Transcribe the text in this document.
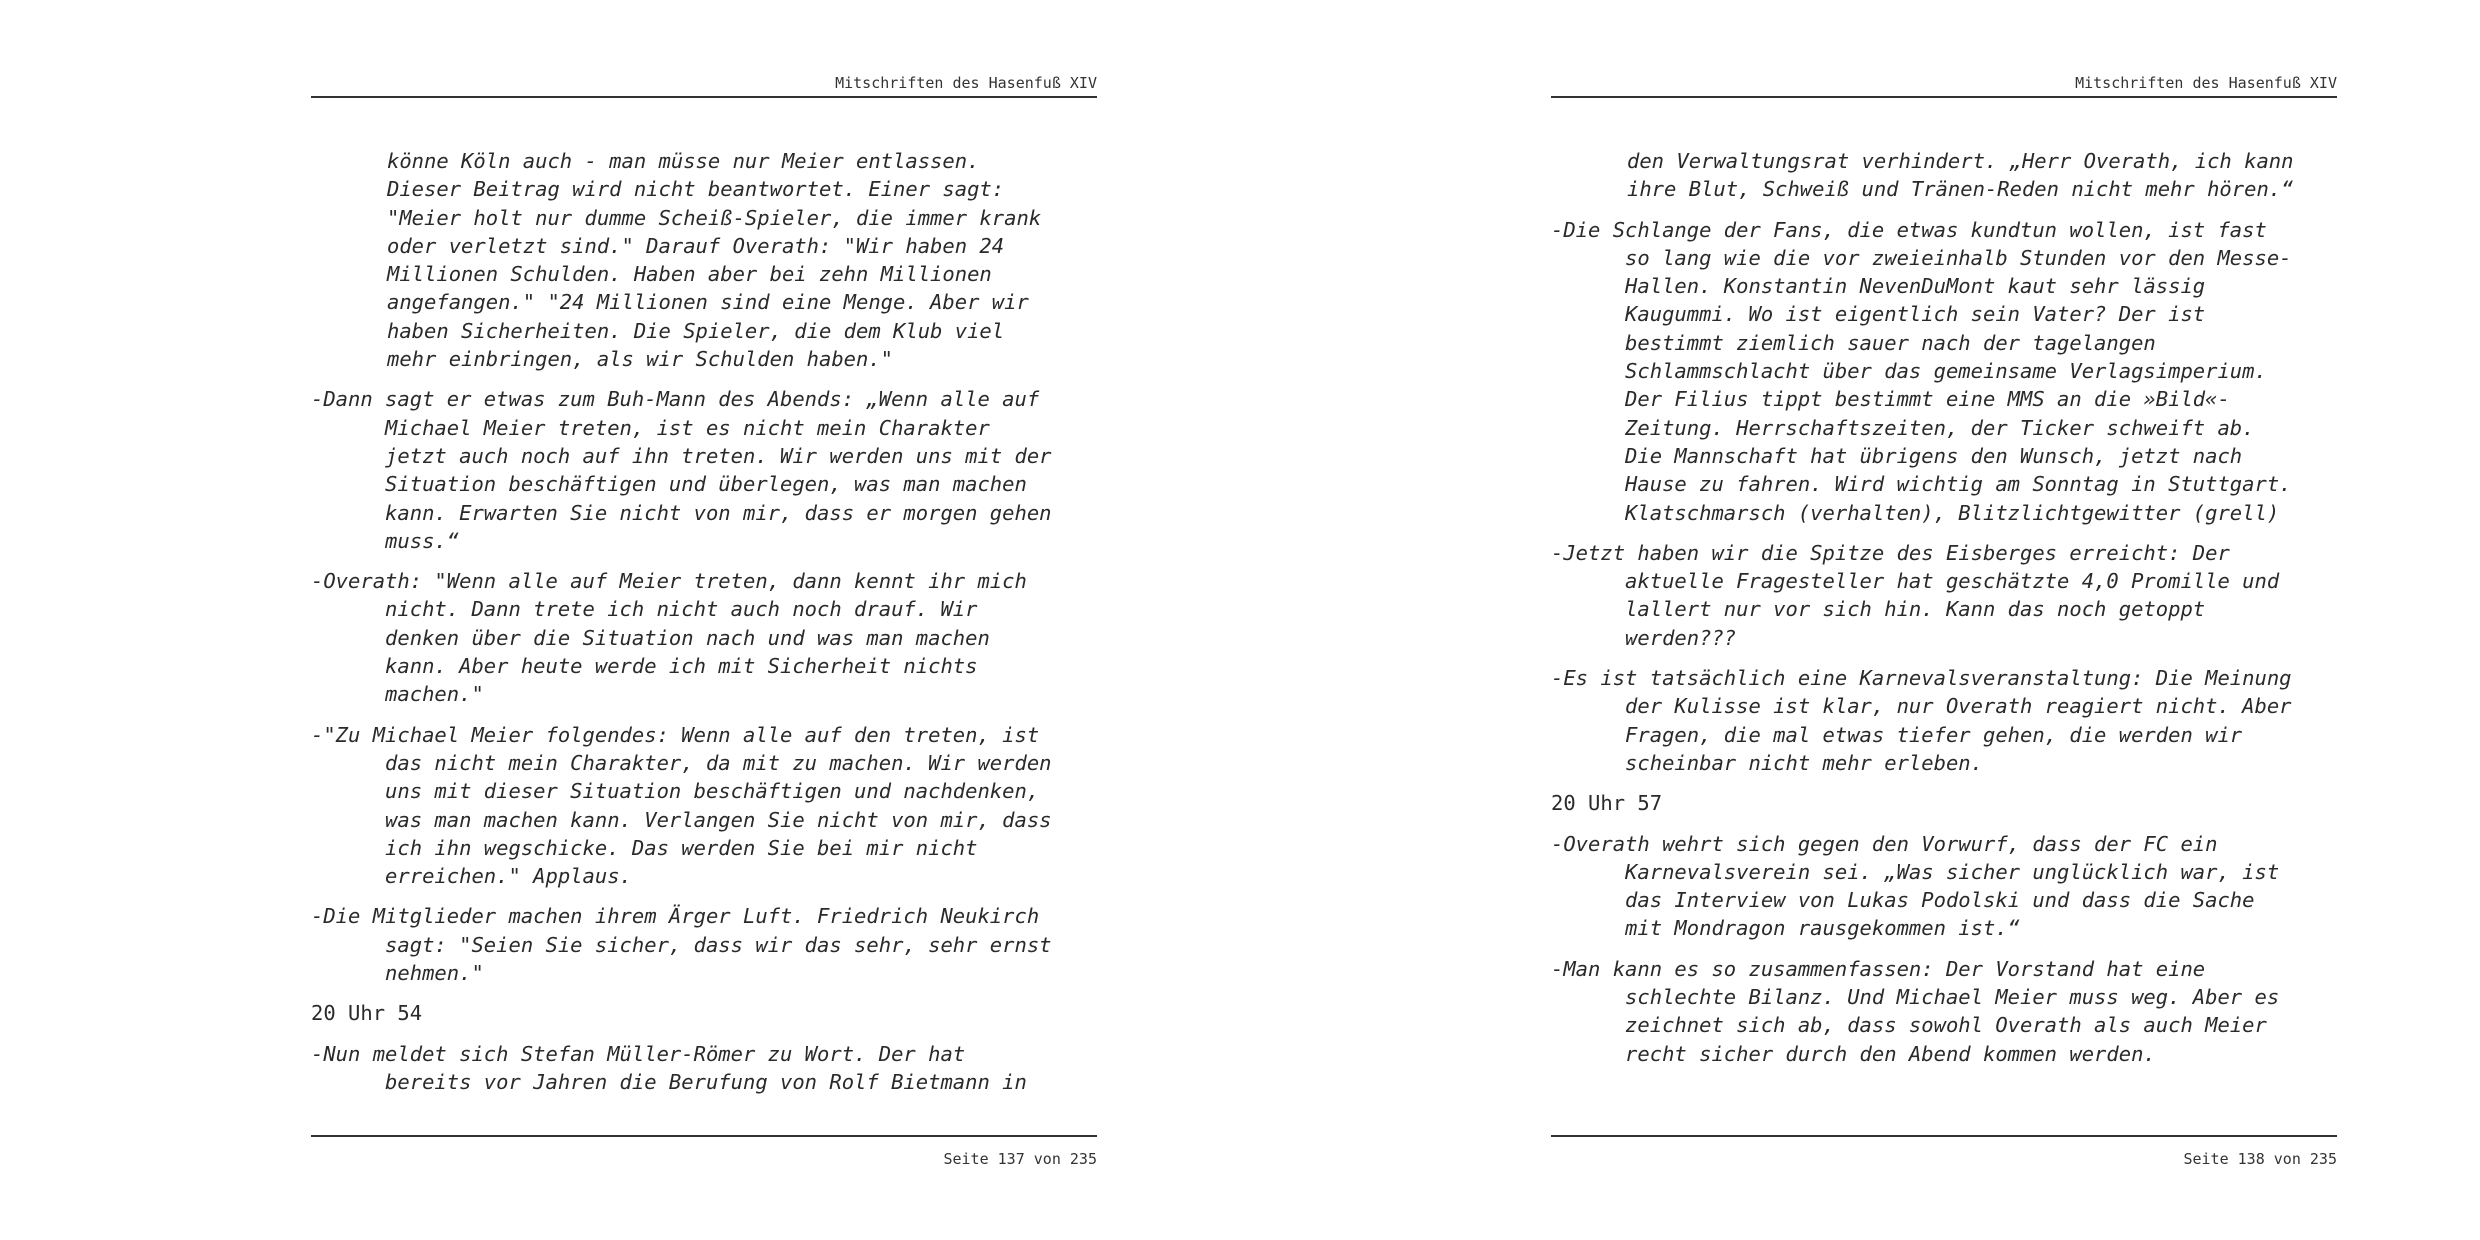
Mitschriften des Hasenfuß XIV
könne Köln auch - man müsse nur Meier entlassen.
Dieser Beitrag wird nicht beantwortet. Einer sagt:
"Meier holt nur dumme Scheiß-Spieler, die immer krank
oder verletzt sind." Darauf Overath: "Wir haben 24
Millionen Schulden. Haben aber bei zehn Millionen
angefangen." "24 Millionen sind eine Menge. Aber wir
haben Sicherheiten. Die Spieler, die dem Klub viel
mehr einbringen, als wir Schulden haben."
-Dann sagt er etwas zum Buh-Mann des Abends: „Wenn alle auf
Michael Meier treten, ist es nicht mein Charakter
jetzt auch noch auf ihn treten. Wir werden uns mit der
Situation beschäftigen und überlegen, was man machen
kann. Erwarten Sie nicht von mir, dass er morgen gehen
muss.“
-Overath: "Wenn alle auf Meier treten, dann kennt ihr mich
nicht. Dann trete ich nicht auch noch drauf. Wir
denken über die Situation nach und was man machen
kann. Aber heute werde ich mit Sicherheit nichts
machen."
-"Zu Michael Meier folgendes: Wenn alle auf den treten, ist
das nicht mein Charakter, da mit zu machen. Wir werden
uns mit dieser Situation beschäftigen und nachdenken,
was man machen kann. Verlangen Sie nicht von mir, dass
ich ihn wegschicke. Das werden Sie bei mir nicht
erreichen." Applaus.
-Die Mitglieder machen ihrem Ärger Luft. Friedrich Neukirch
sagt: "Seien Sie sicher, dass wir das sehr, sehr ernst
nehmen."
20 Uhr 54
-Nun meldet sich Stefan Müller-Römer zu Wort. Der hat
bereits vor Jahren die Berufung von Rolf Bietmann in
Seite 137 von 235
Mitschriften des Hasenfuß XIV
den Verwaltungsrat verhindert. „Herr Overath, ich kann
ihre Blut, Schweiß und Tränen-Reden nicht mehr hören.“
-Die Schlange der Fans, die etwas kundtun wollen, ist fast
so lang wie die vor zweieinhalb Stunden vor den Messe-
Hallen. Konstantin NevenDuMont kaut sehr lässig
Kaugummi. Wo ist eigentlich sein Vater? Der ist
bestimmt ziemlich sauer nach der tagelangen
Schlammschlacht über das gemeinsame Verlagsimperium.
Der Filius tippt bestimmt eine MMS an die »Bild«-
Zeitung. Herrschaftszeiten, der Ticker schweift ab.
Die Mannschaft hat übrigens den Wunsch, jetzt nach
Hause zu fahren. Wird wichtig am Sonntag in Stuttgart.
Klatschmarsch (verhalten), Blitzlichtgewitter (grell)
-Jetzt haben wir die Spitze des Eisberges erreicht: Der
aktuelle Fragesteller hat geschätzte 4,0 Promille und
lallert nur vor sich hin. Kann das noch getoppt
werden???
-Es ist tatsächlich eine Karnevalsveranstaltung: Die Meinung
der Kulisse ist klar, nur Overath reagiert nicht. Aber
Fragen, die mal etwas tiefer gehen, die werden wir
scheinbar nicht mehr erleben.
20 Uhr 57
-Overath wehrt sich gegen den Vorwurf, dass der FC ein
Karnevalsverein sei. „Was sicher unglücklich war, ist
das Interview von Lukas Podolski und dass die Sache
mit Mondragon rausgekommen ist.“
-Man kann es so zusammenfassen: Der Vorstand hat eine
schlechte Bilanz. Und Michael Meier muss weg. Aber es
zeichnet sich ab, dass sowohl Overath als auch Meier
recht sicher durch den Abend kommen werden.
Seite 138 von 235
